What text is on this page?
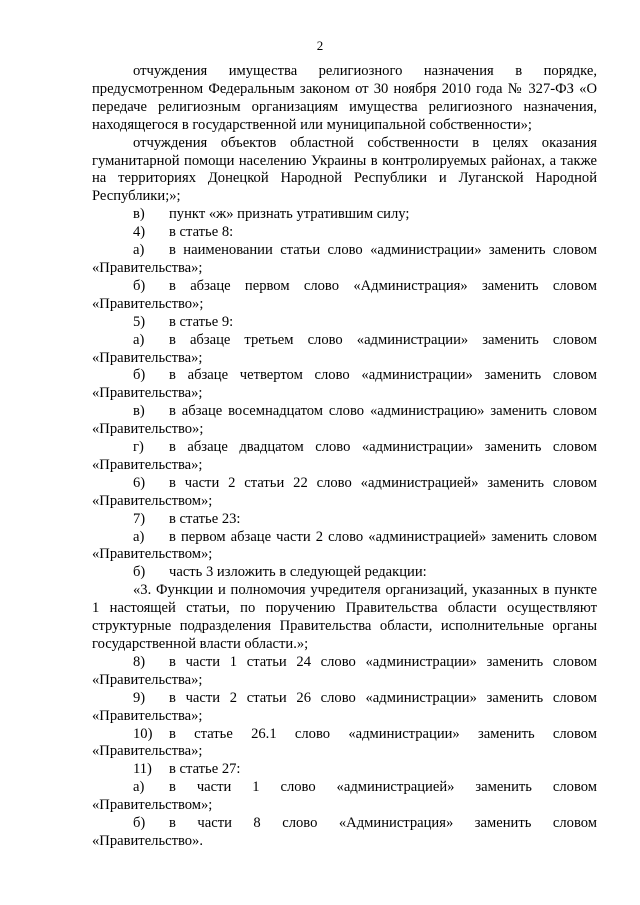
2

отчуждения имущества религиозного назначения в порядке, предусмотренном Федеральным законом от 30 ноября 2010 года № 327-ФЗ «О передаче религиозным организациям имущества религиозного назначения, находящегося в государственной или муниципальной собственности»;

отчуждения объектов областной собственности в целях оказания гуманитарной помощи населению Украины в контролируемых районах, а также на территориях Донецкой Народной Республики и Луганской Народной Республики;»;

в) пункт «ж» признать утратившим силу;

4) в статье 8:

а) в наименовании статьи слово «администрации» заменить словом «Правительства»;

б) в абзаце первом слово «Администрация» заменить словом «Правительство»;

5) в статье 9:

а) в абзаце третьем слово «администрации» заменить словом «Правительства»;

б) в абзаце четвертом слово «администрации» заменить словом «Правительства»;

в) в абзаце восемнадцатом слово «администрацию» заменить словом «Правительство»;

г) в абзаце двадцатом слово «администрации» заменить словом «Правительства»;

6) в части 2 статьи 22 слово «администрацией» заменить словом «Правительством»;

7) в статье 23:

а) в первом абзаце части 2 слово «администрацией» заменить словом «Правительством»;

б) часть 3 изложить в следующей редакции:

«3. Функции и полномочия учредителя организаций, указанных в пункте 1 настоящей статьи, по поручению Правительства области осуществляют структурные подразделения Правительства области, исполнительные органы государственной власти области.»;

8) в части 1 статьи 24 слово «администрации» заменить словом «Правительства»;

9) в части 2 статьи 26 слово «администрации» заменить словом «Правительства»;

10) в статье 26.1 слово «администрации» заменить словом «Правительства»;

11) в статье 27:

а) в части 1 слово «администрацией» заменить словом «Правительством»;

б) в части 8 слово «Администрация» заменить словом «Правительство».
